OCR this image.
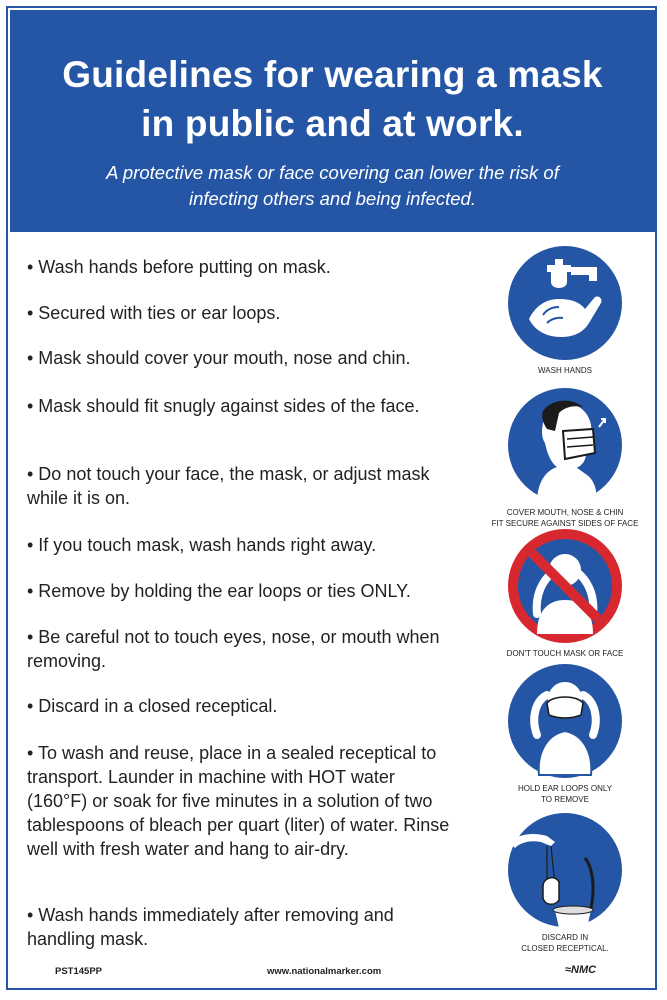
Guidelines for wearing a mask
in public and at work.

A protective mask or face covering can lower the risk of
infecting others and being infected.

• Wash hands before putting on mask.
• Secured with ties or ear loops.
• Mask should cover your mouth, nose and chin.
• Mask should fit snugly against sides of the face.
• Do not touch your face, the mask, or adjust mask while it is on.
• If you touch mask, wash hands right away.
• Remove by holding the ear loops or ties ONLY.
• Be careful not to touch eyes, nose, or mouth when removing.
• Discard in a closed receptical.
• To wash and reuse, place in a sealed receptical to transport. Launder in machine with HOT water (160°F) or soak for five minutes in a solution of two tablespoons of bleach per quart (liter) of water. Rinse well with fresh water and hang to air-dry.
• Wash hands immediately after removing and handling mask.
WASH HANDS
COVER MOUTH, NOSE & CHIN
FIT SECURE AGAINST SIDES OF FACE
DON'T TOUCH MASK OR FACE
HOLD EAR LOOPS ONLY
TO REMOVE
DISCARD IN
CLOSED RECEPTICAL.
PST145PP	www.nationalmarker.com	≈NMC
